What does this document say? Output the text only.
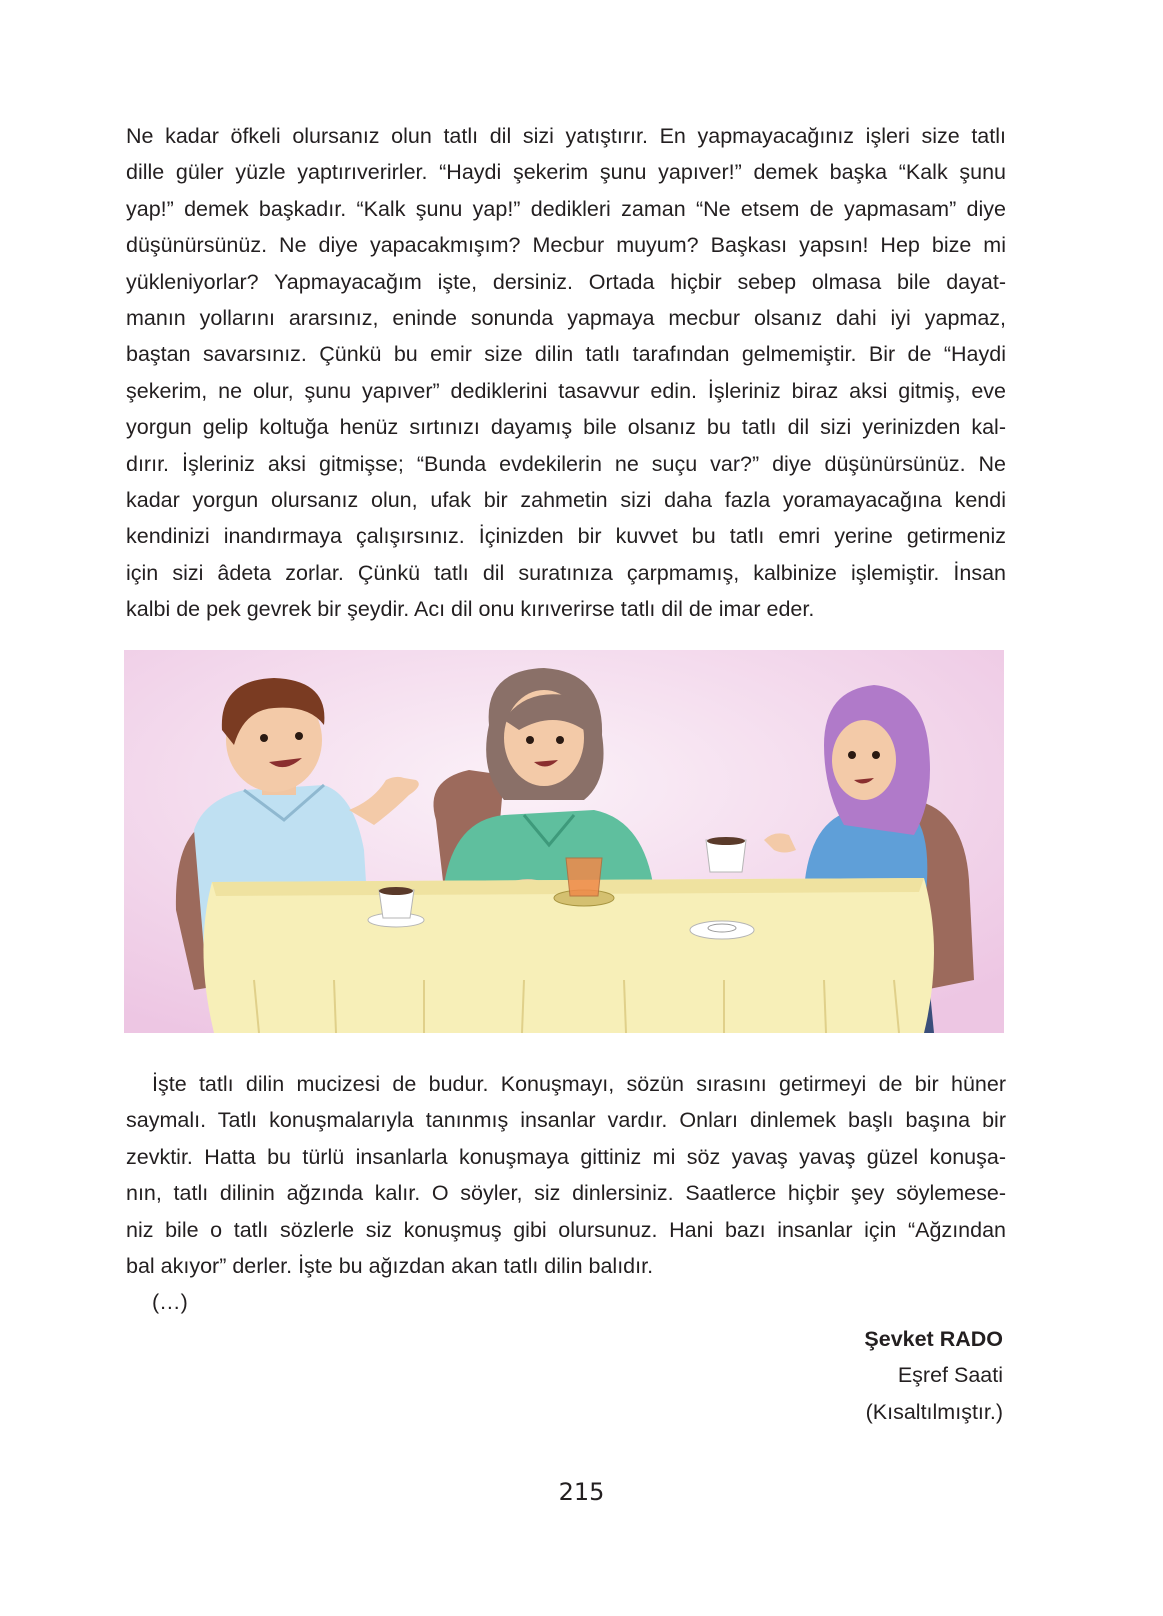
Ne kadar öfkeli olursanız olun tatlı dil sizi yatıştırır. En yapmayacağınız işleri size tatlı
dille güler yüzle yaptırıverirler. “Haydi şekerim şunu yapıver!” demek başka “Kalk şunu
yap!” demek başkadır. “Kalk şunu yap!” dedikleri zaman “Ne etsem de yapmasam” diye
düşünürsünüz. Ne diye yapacakmışım? Mecbur muyum? Başkası yapsın! Hep bize mi
yükleniyorlar? Yapmayacağım işte, dersiniz. Ortada hiçbir sebep olmasa bile dayat-
manın yollarını ararsınız, eninde sonunda yapmaya mecbur olsanız dahi iyi yapmaz,
baştan savarsınız. Çünkü bu emir size dilin tatlı tarafından gelmemiştir. Bir de “Haydi
şekerim, ne olur, şunu yapıver” dediklerini tasavvur edin. İşleriniz biraz aksi gitmiş, eve
yorgun gelip koltuğa henüz sırtınızı dayamış bile olsanız bu tatlı dil sizi yerinizden kal-
dırır. İşleriniz aksi gitmişse; “Bunda evdekilerin ne suçu var?” diye düşünürsünüz. Ne
kadar yorgun olursanız olun, ufak bir zahmetin sizi daha fazla yoramayacağına kendi
kendinizi inandırmaya çalışırsınız. İçinizden bir kuvvet bu tatlı emri yerine getirmeniz
için sizi âdeta zorlar. Çünkü tatlı dil suratınıza çarpmamış, kalbinize işlemiştir. İnsan
kalbi de pek gevrek bir şeydir. Acı dil onu kırıverirse tatlı dil de imar eder.
İşte tatlı dilin mucizesi de budur. Konuşmayı, sözün sırasını getirmeyi de bir hüner
saymalı. Tatlı konuşmalarıyla tanınmış insanlar vardır. Onları dinlemek başlı başına bir
zevktir. Hatta bu türlü insanlarla konuşmaya gittiniz mi söz yavaş yavaş güzel konuşa-
nın, tatlı dilinin ağzında kalır. O söyler, siz dinlersiniz. Saatlerce hiçbir şey söylemese-
niz bile o tatlı sözlerle siz konuşmuş gibi olursunuz. Hani bazı insanlar için “Ağzından
bal akıyor” derler. İşte bu ağızdan akan tatlı dilin balıdır.
(…)
Şevket RADO
Eşref Saati
(Kısaltılmıştır.)
215
